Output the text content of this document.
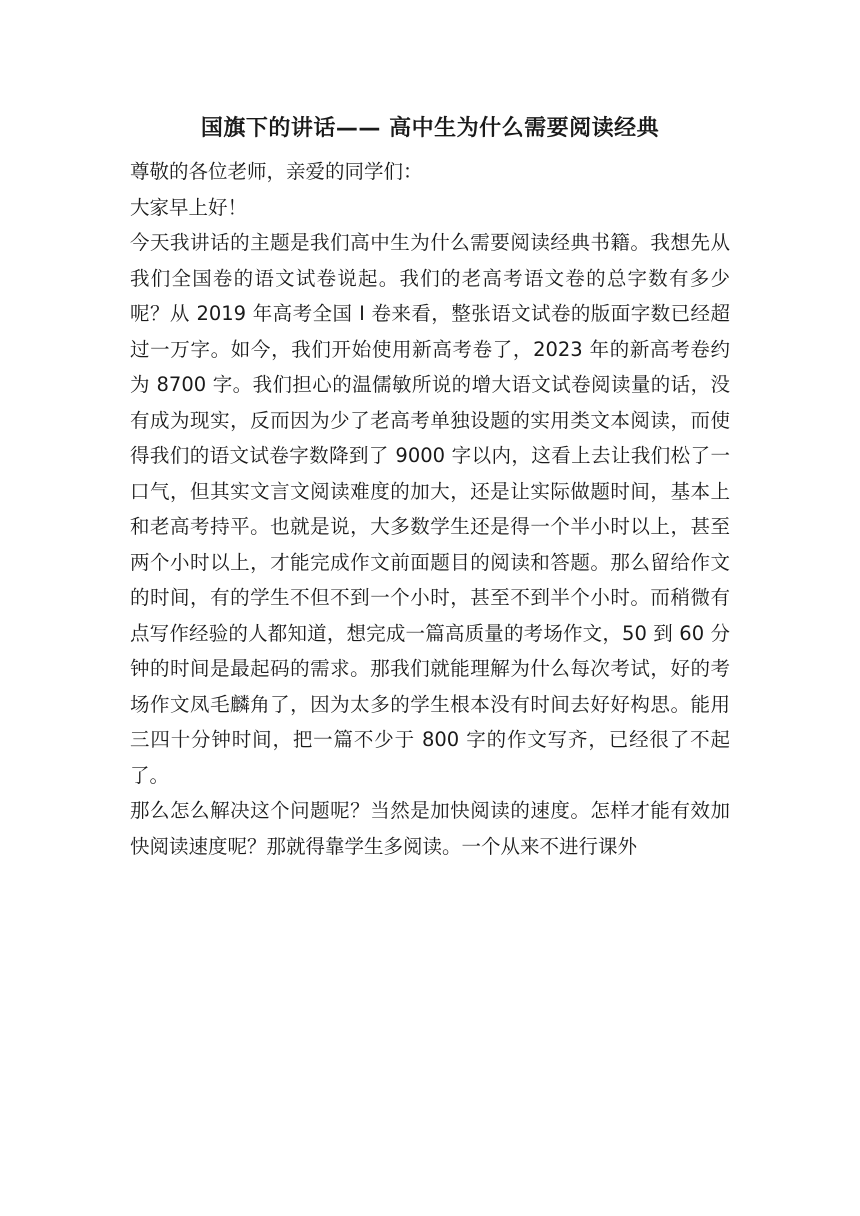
国旗下的讲话—— 高中生为什么需要阅读经典

尊敬的各位老师，亲爱的同学们：

大家早上好！

今天我讲话的主题是我们高中生为什么需要阅读经典书籍。我想先从我们全国卷的语文试卷说起。我们的老高考语文卷的总字数有多少呢？从 2019 年高考全国 I 卷来看，整张语文试卷的版面字数已经超过一万字。如今，我们开始使用新高考卷了，2023 年的新高考卷约为 8700 字。我们担心的温儒敏所说的增大语文试卷阅读量的话，没有成为现实，反而因为少了老高考单独设题的实用类文本阅读，而使得我们的语文试卷字数降到了 9000 字以内，这看上去让我们松了一口气，但其实文言文阅读难度的加大，还是让实际做题时间，基本上和老高考持平。也就是说，大多数学生还是得一个半小时以上，甚至两个小时以上，才能完成作文前面题目的阅读和答题。那么留给作文的时间，有的学生不但不到一个小时，甚至不到半个小时。而稍微有点写作经验的人都知道，想完成一篇高质量的考场作文，50 到 60 分钟的时间是最起码的需求。那我们就能理解为什么每次考试，好的考场作文凤毛麟角了，因为太多的学生根本没有时间去好好构思。能用三四十分钟时间，把一篇不少于 800 字的作文写齐，已经很了不起了。

那么怎么解决这个问题呢？当然是加快阅读的速度。怎样才能有效加快阅读速度呢？那就得靠学生多阅读。一个从来不进行课外
